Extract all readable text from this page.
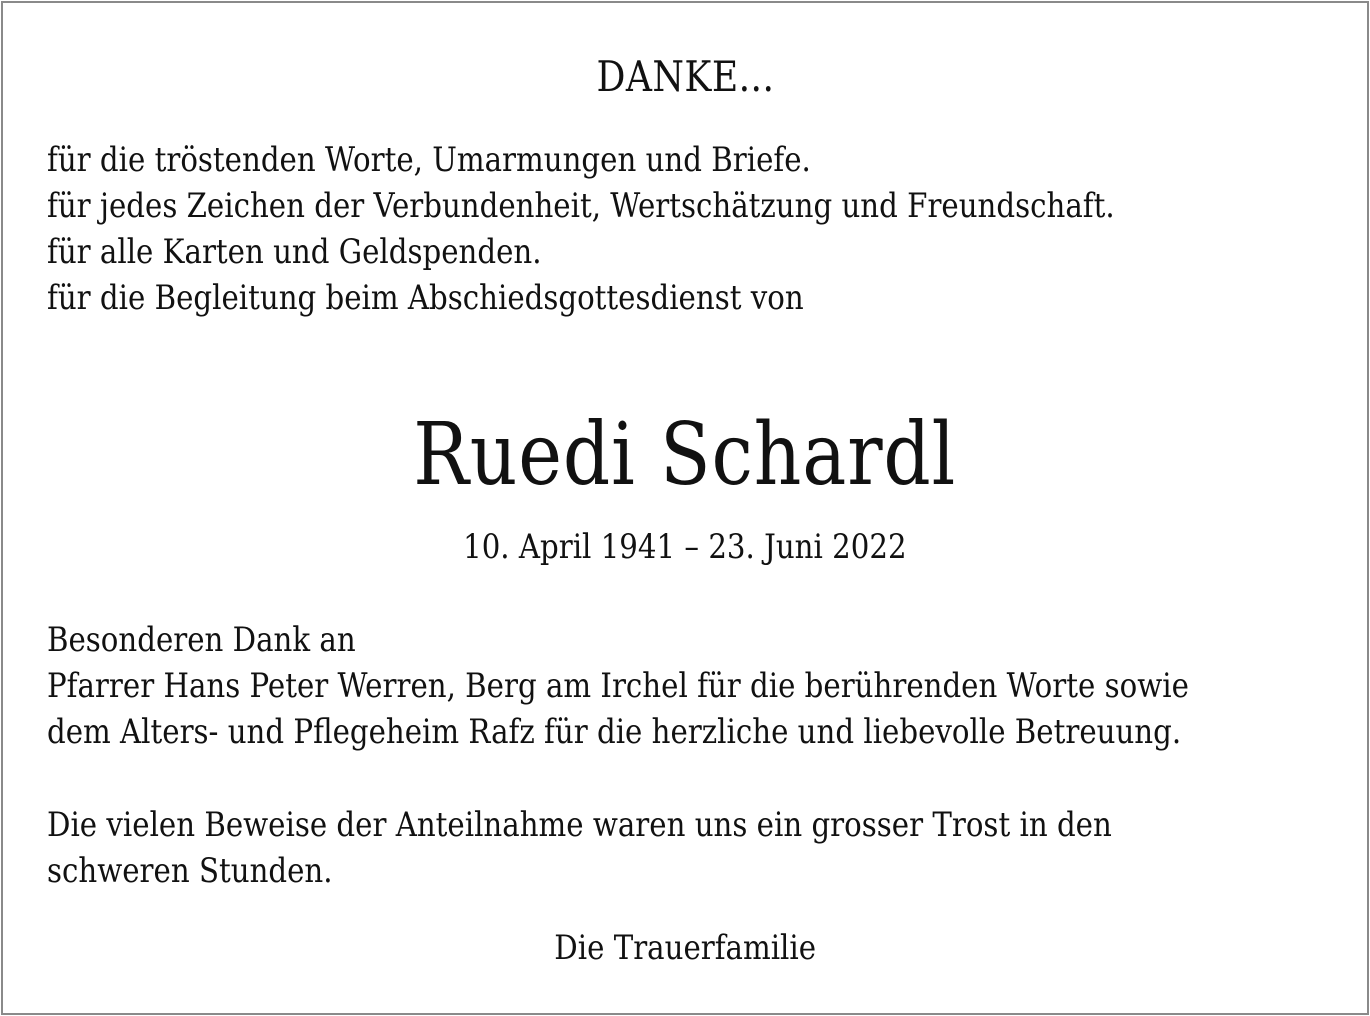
DANKE...
für die tröstenden Worte, Umarmungen und Briefe.
für jedes Zeichen der Verbundenheit, Wertschätzung und Freundschaft.
für alle Karten und Geldspenden.
für die Begleitung beim Abschiedsgottesdienst von
Ruedi Schardl
10. April 1941 – 23. Juni 2022
Besonderen Dank an
Pfarrer Hans Peter Werren, Berg am Irchel für die berührenden Worte sowie
dem Alters- und Pflegeheim Rafz für die herzliche und liebevolle Betreuung.
Die vielen Beweise der Anteilnahme waren uns ein grosser Trost in den
schweren Stunden.
Die Trauerfamilie
